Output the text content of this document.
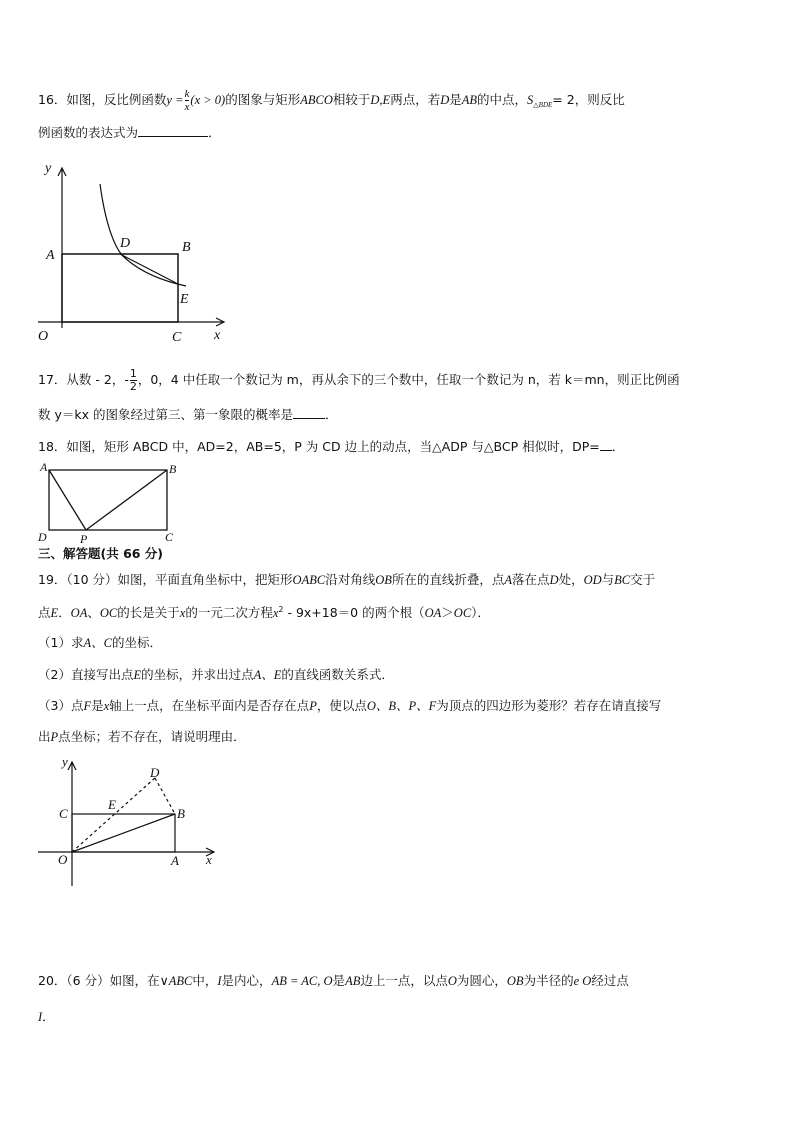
16．如图，反比例函数$y = \frac{k}{x} (x > 0)$的图象与矩形ABCO相较于D,E两点，若D是AB的中点，$S_{\triangle BDE}= 2$，则反比
例函数的表达式为	．
y
x
A
B
D
E
C
O
17．从数 - 2，- $\frac{1}{2}$ ，0，4 中任取一个数记为 m，再从余下的三个数中，任取一个数记为 n，若 k＝mn，则正比例函
数 y＝kx 的图象经过第三、第一象限的概率是	．
18．如图，矩形 ABCD 中，AD=2，AB=5，P 为 CD 边上的动点，当△ADP 与△BCP 相似时，DP= ．
A	B
D	C
P
三、解答题(共 66 分)
19．（10 分）如图，平面直角坐标中，把矩形OABC沿对角线OB所在的直线折叠，点A落在点D处，OD与BC交于
点E．OA、OC的长是关于x的一元二次方程$x^2 - 9x+18=0$ 的两个根（OA＞OC）．
（1）求A、C的坐标．
（2）直接写出点E的坐标，并求出过点A、E的直线函数关系式．
（3）点F是x轴上一点，在坐标平面内是否存在点P，使以点O、B、P、F为顶点的四边形为菱形？若存在请直接写
出P点坐标；若不存在，请说明理由．
y
x
C
E
D
B
O	A
20．（6 分）如图，在∨ABC中，I是内心，AB = AC, O是AB边上一点，以点O为圆心，OB为半径的e O经过点
I．
